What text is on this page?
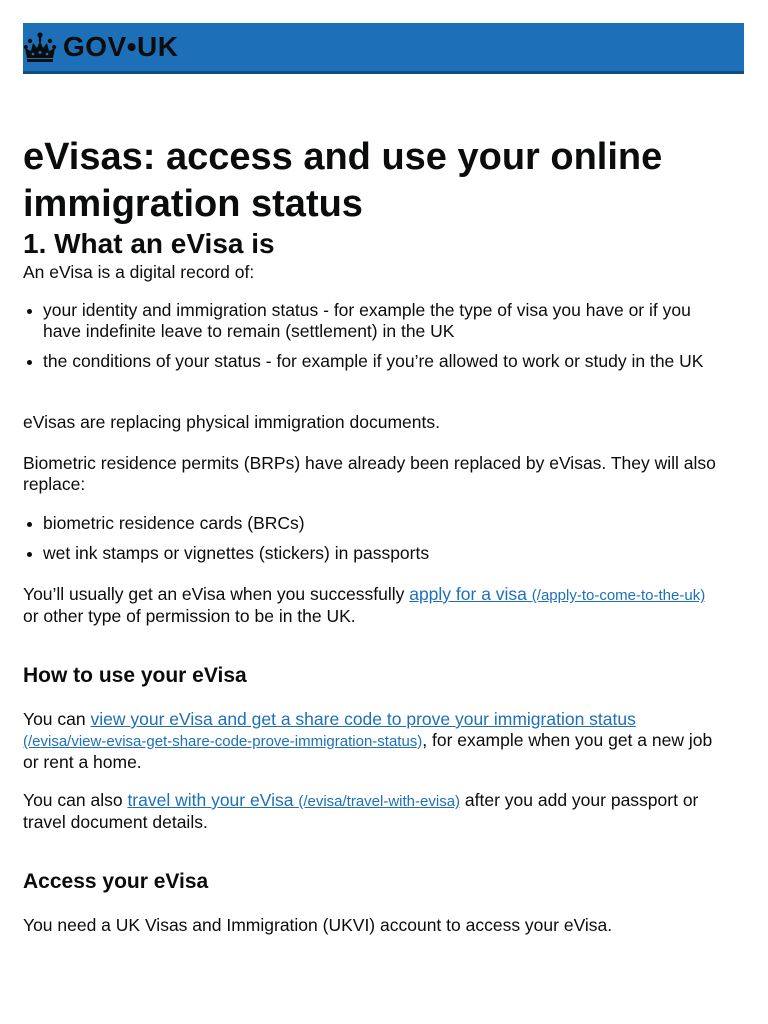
GOV•UK
eVisas: access and use your online immigration status
1. What an eVisa is

An eVisa is a digital record of:

your identity and immigration status - for example the type of visa you have or if you have indefinite leave to remain (settlement) in the UK
the conditions of your status - for example if you’re allowed to work or study in the UK

eVisas are replacing physical immigration documents.

Biometric residence permits (BRPs) have already been replaced by eVisas. They will also replace:

biometric residence cards (BRCs)
wet ink stamps or vignettes (stickers) in passports

You’ll usually get an eVisa when you successfully apply for a visa (/apply-to-come-to-the-uk) or other type of permission to be in the UK.

How to use your eVisa

You can view your eVisa and get a share code to prove your immigration status (/evisa/view-evisa-get-share-code-prove-immigration-status), for example when you get a new job or rent a home.

You can also travel with your eVisa (/evisa/travel-with-evisa) after you add your passport or travel document details.

Access your eVisa

You need a UK Visas and Immigration (UKVI) account to access your eVisa.
